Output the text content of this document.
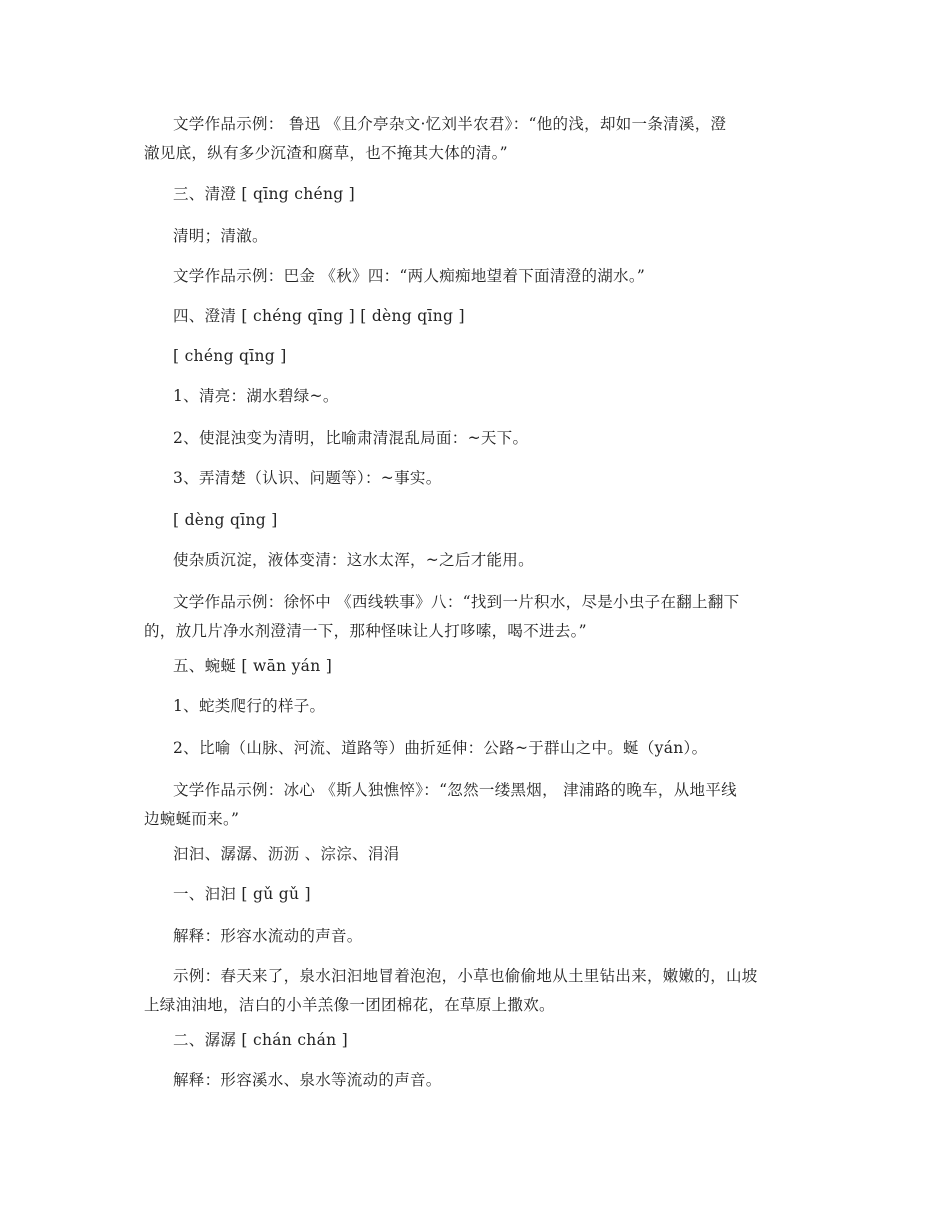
文学作品示例： 鲁迅 《且介亭杂文·忆刘半农君》：“他的浅，却如一条清溪，澄
澈见底，纵有多少沉渣和腐草，也不掩其大体的清。”
三、清澄 [ qīng chéng ]
清明；清澈。
文学作品示例：巴金 《秋》四：“两人痴痴地望着下面清澄的湖水。”
四、澄清 [ chéng qīng ] [ dèng qīng ]
[ chéng qīng ]
1、清亮：湖水碧绿~。
2、使混浊变为清明，比喻肃清混乱局面：~天下。
3、弄清楚（认识、问题等）：~事实。
[ dèng qīng ]
使杂质沉淀，液体变清：这水太浑，~之后才能用。
文学作品示例：徐怀中 《西线轶事》八：“找到一片积水，尽是小虫子在翻上翻下
的，放几片净水剂澄清一下，那种怪味让人打哆嗦，喝不进去。”
五、蜿蜒 [ wān yán ]
1、蛇类爬行的样子。
2、比喻（山脉、河流、道路等）曲折延伸：公路~于群山之中。蜒（yán）。
文学作品示例：冰心 《斯人独憔悴》：“忽然一缕黑烟， 津浦路的晚车，从地平线
边蜿蜒而来。”
汩汩、潺潺、沥沥 、淙淙、涓涓
一、汩汩 [ gǔ gǔ ]
解释：形容水流动的声音。
示例：春天来了，泉水汩汩地冒着泡泡，小草也偷偷地从土里钻出来，嫩嫩的，山坡
上绿油油地，洁白的小羊羔像一团团棉花，在草原上撒欢。
二、潺潺 [ chán chán ]
解释：形容溪水、泉水等流动的声音。
